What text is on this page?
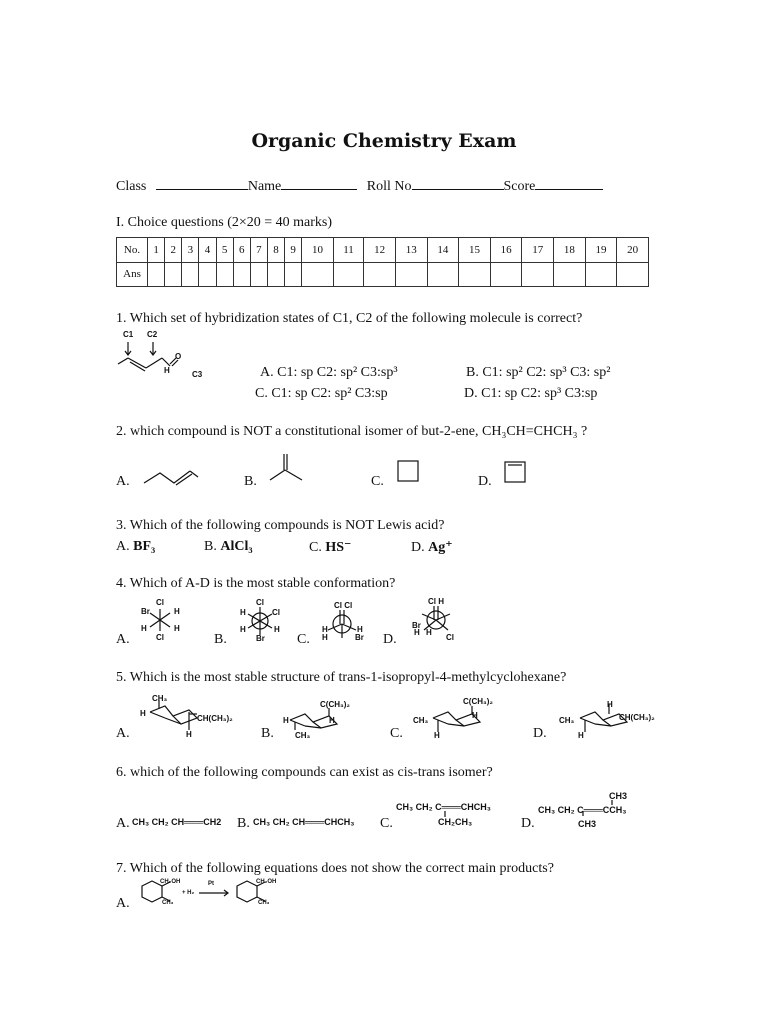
Organic Chemistry Exam
Class	Name	Roll No	Score
I. Choice questions (2×20 = 40 marks)
No.	1	2	3	4	5	6	7	8	9	10	11	12	13	14	15	16	17	18	19	20
Ans																				
1. Which set of hybridization states of C1, C2 of the following molecule is correct?
C1 C2
H
O
C3	A. C1: sp C2: sp² C3:sp³	B. C1: sp² C2: sp³ C3: sp²
C. C1: sp C2: sp² C3:sp	D. C1: sp C2: sp³ C3:sp
2. which compound is NOT a constitutional isomer of but-2-ene, CH₃CH=CHCH₃ ?
A.	B.	C.	D.
3. Which of the following compounds is NOT Lewis acid?
A. BF₃	B. AlCl₃	C. HS⁻	D. Ag⁺
4. Which of A-D is the most stable conformation?
A.
Cl
Br	H
H	H
Cl	B.
Cl
H	Cl
H	H
Br C.
Cl Cl
H	H
H	Br D.
Cl H
Br
H H
Cl
5. Which is the most stable structure of trans-1-isopropyl-4-methylcyclohexane?
A.
CH₃
H
CH(CH₃)₂
H	B.
C(CH₃)₂
H
H
CH₃	C.
C(CH₃)₂
H
CH₃
H	D.
H
CH(CH₃)₂
CH₃
H
6. which of the following compounds can exist as cis-trans isomer?
A. CH₃ CH₂ CH═══CH2 B. CH₃ CH₂ CH═══CHCH₃ C.
CH₃ CH₂ C═══CHCH₃
CH₂CH₃	D.
CH3
CH₃ CH₂ C═══CCH₃
CH3
7. Which of the following equations does not show the correct main products?
A.
CH₂OH
CH₃
+ H₂
Pt	CH₂OH
CH₃
